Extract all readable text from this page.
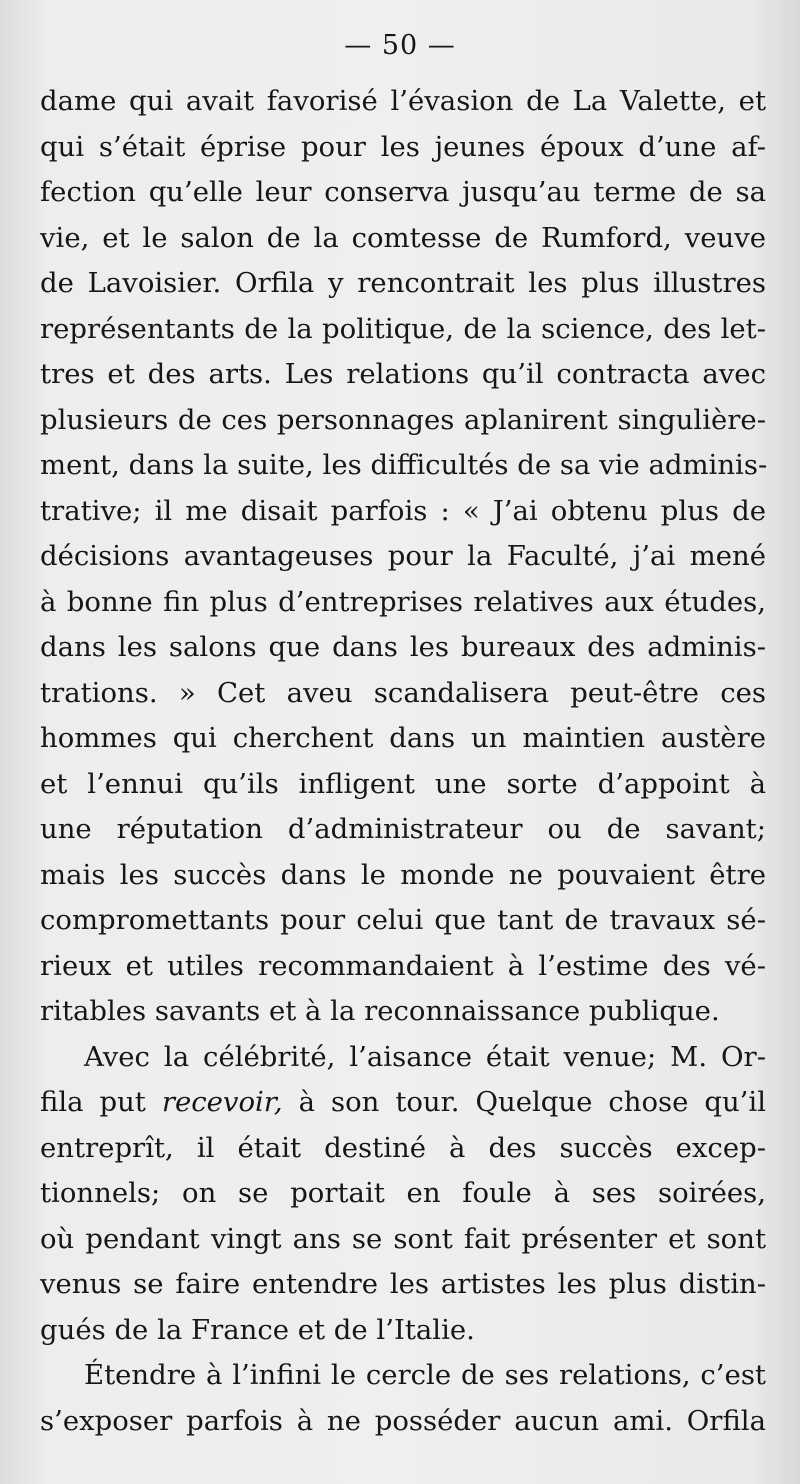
— 50 —
dame qui avait favorisé l’évasion de La Valette, et
qui s’était éprise pour les jeunes époux d’une af-
fection qu’elle leur conserva jusqu’au terme de sa
vie, et le salon de la comtesse de Rumford, veuve
de Lavoisier. Orfila y rencontrait les plus illustres
représentants de la politique, de la science, des let-
tres et des arts. Les relations qu’il contracta avec
plusieurs de ces personnages aplanirent singulière-
ment, dans la suite, les difficultés de sa vie adminis-
trative; il me disait parfois : « J’ai obtenu plus de
décisions avantageuses pour la Faculté, j’ai mené
à bonne fin plus d’entreprises relatives aux études,
dans les salons que dans les bureaux des adminis-
trations. » Cet aveu scandalisera peut-être ces
hommes qui cherchent dans un maintien austère
et l’ennui qu’ils infligent une sorte d’appoint à
une réputation d’administrateur ou de savant;
mais les succès dans le monde ne pouvaient être
compromettants pour celui que tant de travaux sé-
rieux et utiles recommandaient à l’estime des vé-
ritables savants et à la reconnaissance publique.
Avec la célébrité, l’aisance était venue; M. Or-
fila put recevoir, à son tour. Quelque chose qu’il
entreprît, il était destiné à des succès excep-
tionnels; on se portait en foule à ses soirées,
où pendant vingt ans se sont fait présenter et sont
venus se faire entendre les artistes les plus distin-
gués de la France et de l’Italie.
Étendre à l’infini le cercle de ses relations, c’est
s’exposer parfois à ne posséder aucun ami. Orfila
